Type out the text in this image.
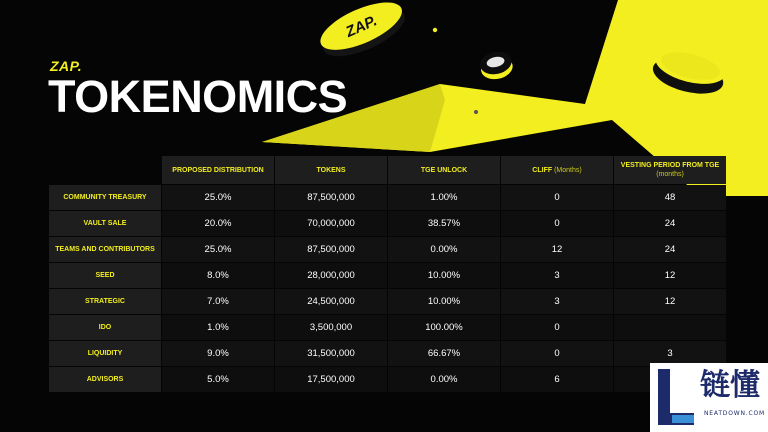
ZAP.
ZAP.
TOKENOMICS
	PROPOSED DISTRIBUTION	TOKENS	TGE UNLOCK	CLIFF (Months)	VESTING PERIOD FROM TGE (months)
COMMUNITY TREASURY	25.0%	87,500,000	1.00%	0	48
VAULT SALE	20.0%	70,000,000	38.57%	0	24
TEAMS AND CONTRIBUTORS	25.0%	87,500,000	0.00%	12	24
SEED	8.0%	28,000,000	10.00%	3	12
STRATEGIC	7.0%	24,500,000	10.00%	3	12
IDO	1.0%	3,500,000	100.00%	0	
LIQUIDITY	9.0%	31,500,000	66.67%	0	3
ADVISORS	5.0%	17,500,000	0.00%	6		链懂
NEATDOWN.COM
